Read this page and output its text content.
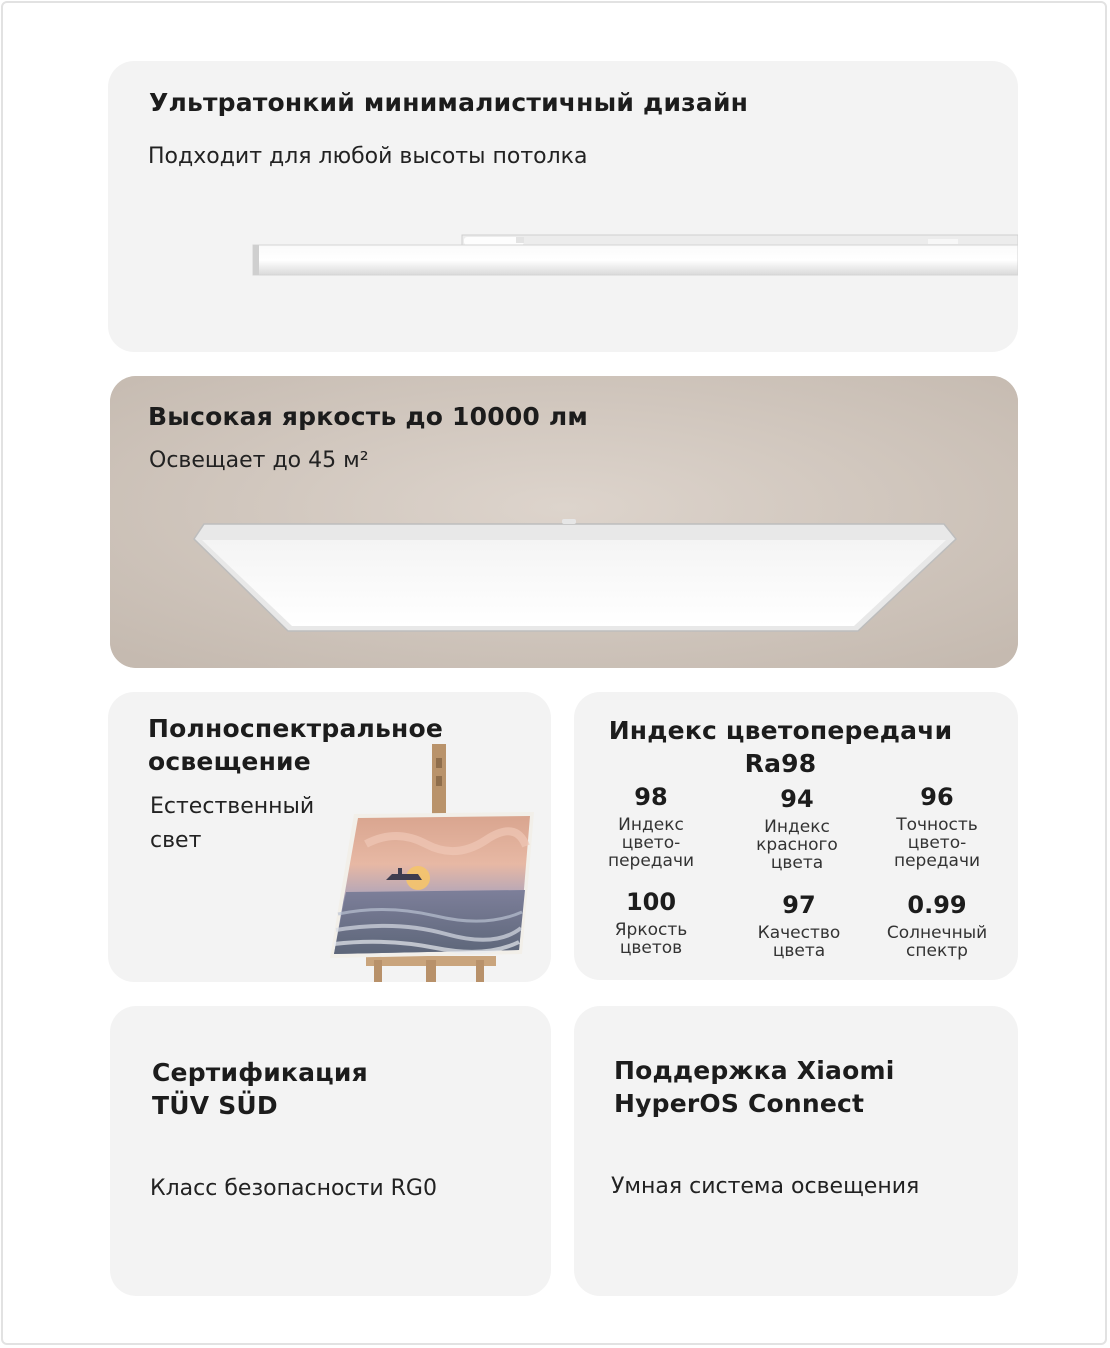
Ультратонкий минималистичный дизайн
Подходит для любой высоты потолка
Высокая яркость до 10000 лм
Освещает до 45 м²
Полноспектральное
освещение
Естественный
свет
Индекс цветопередачи
Ra98
98
Индекс
цвето-
передачи
94
Индекс
красного
цвета
96
Точность
цвето-
передачи
100
Яркость
цветов
97
Качество
цвета
0.99
Солнечный
спектр
Сертификация
TÜV SÜD
Класс безопасности RG0
Поддержка Xiaomi
HyperOS Connect
Умная система освещения
